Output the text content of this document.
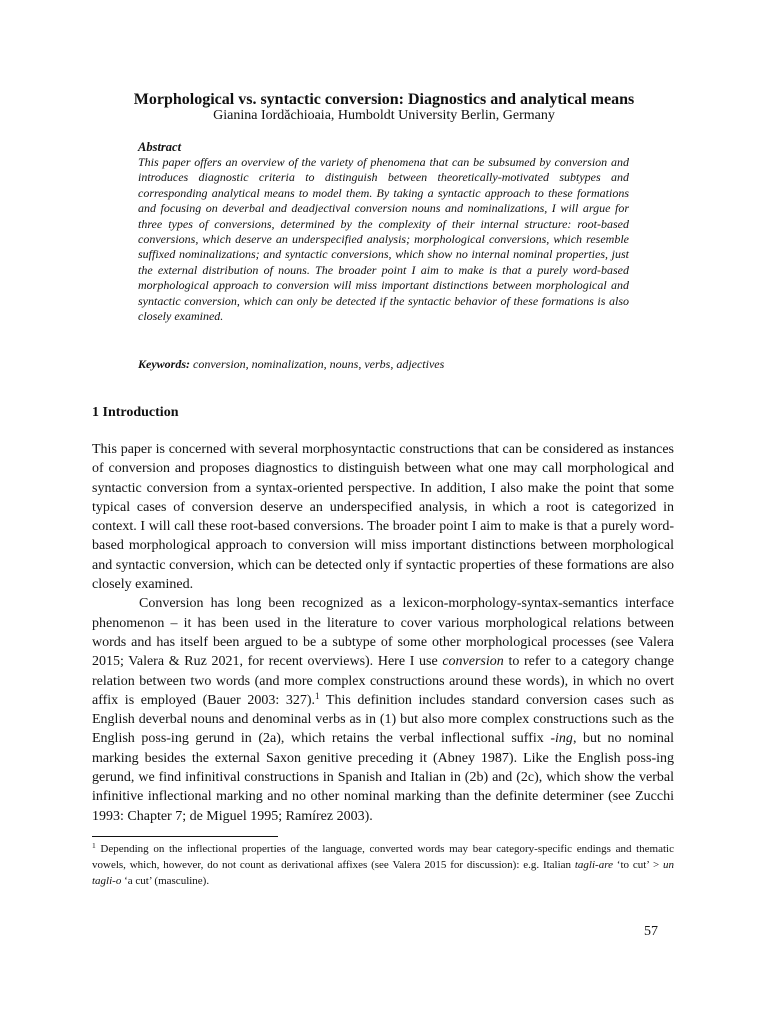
Morphological vs. syntactic conversion: Diagnostics and analytical means
Gianina Iordăchioaia, Humboldt University Berlin, Germany
Abstract

This paper offers an overview of the variety of phenomena that can be subsumed by conversion and introduces diagnostic criteria to distinguish between theoretically-motivated subtypes and corresponding analytical means to model them. By taking a syntactic approach to these formations and focusing on deverbal and deadjectival conversion nouns and nominalizations, I will argue for three types of conversions, determined by the complexity of their internal structure: root-based conversions, which deserve an underspecified analysis; morphological conversions, which resemble suffixed nominalizations; and syntactic conversions, which show no internal nominal properties, just the external distribution of nouns. The broader point I aim to make is that a purely word-based morphological approach to conversion will miss important distinctions between morphological and syntactic conversion, which can only be detected if the syntactic behavior of these formations is also closely examined.

Keywords: conversion, nominalization, nouns, verbs, adjectives
1 Introduction

This paper is concerned with several morphosyntactic constructions that can be considered as instances of conversion and proposes diagnostics to distinguish between what one may call morphological and syntactic conversion from a syntax-oriented perspective. In addition, I also make the point that some typical cases of conversion deserve an underspecified analysis, in which a root is categorized in context. I will call these root-based conversions. The broader point I aim to make is that a purely word-based morphological approach to conversion will miss important distinctions between morphological and syntactic conversion, which can be detected only if syntactic properties of these formations are also closely examined.

Conversion has long been recognized as a lexicon-morphology-syntax-semantics interface phenomenon – it has been used in the literature to cover various morphological relations between words and has itself been argued to be a subtype of some other morphological processes (see Valera 2015; Valera & Ruz 2021, for recent overviews). Here I use conversion to refer to a category change relation between two words (and more complex constructions around these words), in which no overt affix is employed (Bauer 2003: 327).$^1$ This definition includes standard conversion cases such as English deverbal nouns and denominal verbs as in (1) but also more complex constructions such as the English poss-ing gerund in (2a), which retains the verbal inflectional suffix -ing, but no nominal marking besides the external Saxon genitive preceding it (Abney 1987). Like the English poss-ing gerund, we find infinitival constructions in Spanish and Italian in (2b) and (2c), which show the verbal infinitive inflectional marking and no other nominal marking than the definite determiner (see Zucchi 1993: Chapter 7; de Miguel 1995; Ramírez 2003).

$^1$ Depending on the inflectional properties of the language, converted words may bear category-specific endings and thematic vowels, which, however, do not count as derivational affixes (see Valera 2015 for discussion): e.g. Italian tagli-are ‘to cut’ > un tagli-o ‘a cut’ (masculine).
57
